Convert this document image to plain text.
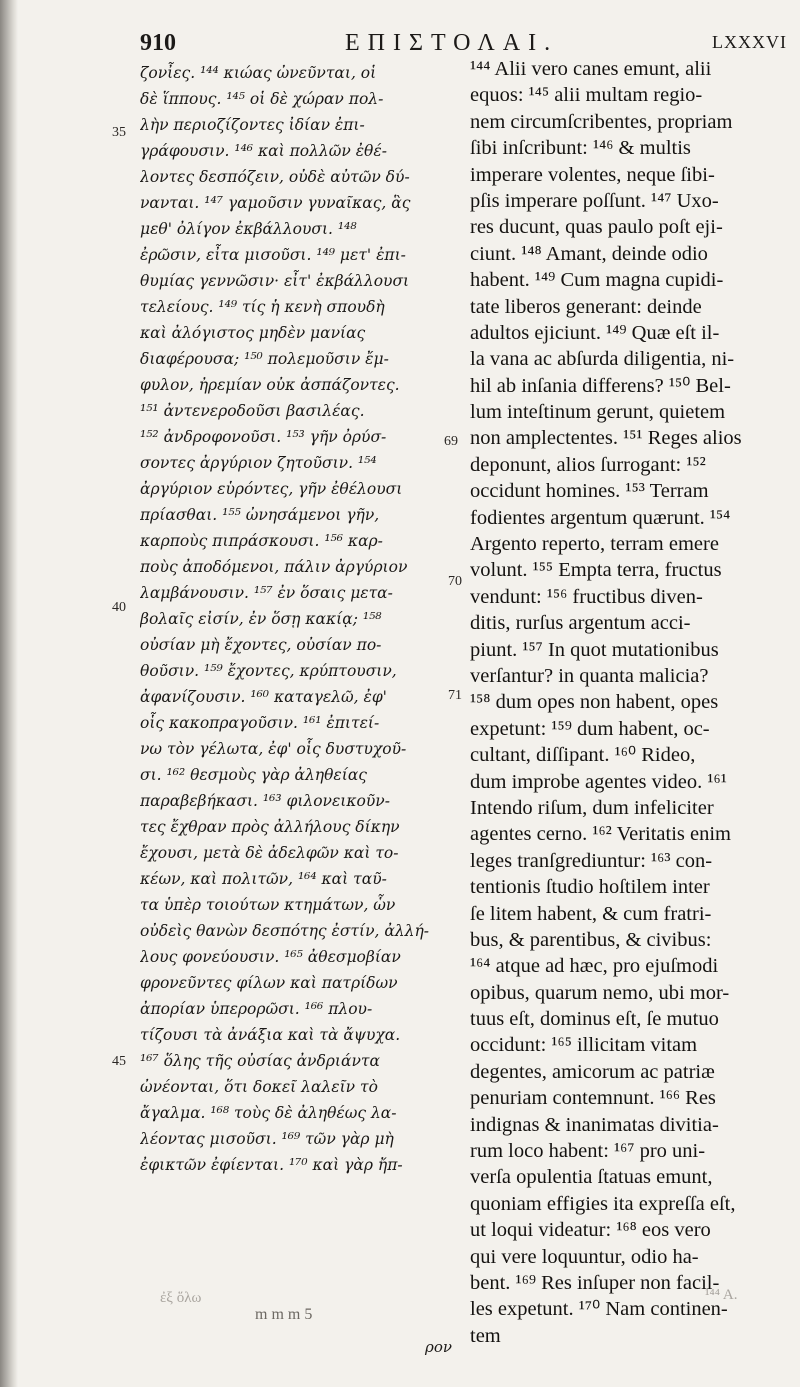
910	ΕΠΙΣΤΟΛΑΙ.	LXXXVI
35
40
45
69
70
71
ζονἶες. ¹⁴⁴ κιώας ὠνεῦνται, οἱ
δὲ ἵππους. ¹⁴⁵ οἱ δὲ χώραν πολ-
λὴν περιοζίζοντες ἰδίαν ἐπι-
γράφουσιν. ¹⁴⁶ καὶ πολλῶν ἐθέ-
λοντες δεσπόζειν, οὐδὲ αὐτῶν δύ-
νανται. ¹⁴⁷ γαμοῦσιν γυναῖκας, ἃς
μεθ' ὀλίγον ἐκβάλλουσι. ¹⁴⁸
ἐρῶσιν, εἶτα μισοῦσι. ¹⁴⁹ μετ' ἐπι-
θυμίας γεννῶσιν· εἶτ' ἐκβάλλουσι
τελείους. ¹⁴⁹ τίς ἡ κενὴ σπουδὴ
καὶ ἀλόγιστος μηδὲν μανίας
διαφέρουσα; ¹⁵⁰ πολεμοῦσιν ἔμ-
φυλον, ἠρεμίαν οὐκ ἀσπάζοντες.
¹⁵¹ ἀντενεροδοῦσι βασιλέας.
¹⁵² ἀνδροφονοῦσι. ¹⁵³ γῆν ὀρύσ-
σοντες ἀργύριον ζητοῦσιν. ¹⁵⁴
ἀργύριον εὑρόντες, γῆν ἐθέλουσι
πρίασθαι. ¹⁵⁵ ὠνησάμενοι γῆν,
καρποὺς πιπράσκουσι. ¹⁵⁶ καρ-
ποὺς ἀποδόμενοι, πάλιν ἀργύριον
λαμβάνουσιν. ¹⁵⁷ ἐν ὅσαις μετα-
βολαῖς εἰσίν, ἐν ὅσῃ κακίᾳ; ¹⁵⁸
οὐσίαν μὴ ἔχοντες, οὐσίαν πο-
θοῦσιν. ¹⁵⁹ ἔχοντες, κρύπτουσιν,
ἀφανίζουσιν. ¹⁶⁰ καταγελῶ, ἐφ'
οἷς κακοπραγοῦσιν. ¹⁶¹ ἐπιτεί-
νω τὸν γέλωτα, ἐφ' οἷς δυστυχοῦ-
σι. ¹⁶² θεσμοὺς γὰρ ἀληθείας
παραβεβήκασι. ¹⁶³ φιλονεικοῦν-
τες ἔχθραν πρὸς ἀλλήλους δίκην
ἔχουσι, μετὰ δὲ ἀδελφῶν καὶ το-
κέων, καὶ πολιτῶν, ¹⁶⁴ καὶ ταῦ-
τα ὑπὲρ τοιούτων κτημάτων, ὧν
οὐδεὶς θανὼν δεσπότης ἐστίν, ἀλλή-
λους φονεύουσιν. ¹⁶⁵ ἀθεσμοβίαν
φρονεῦντες φίλων καὶ πατρίδων
ἀπορίαν ὑπερορῶσι. ¹⁶⁶ πλου-
τίζουσι τὰ ἀνάξια καὶ τὰ ἄψυχα.
¹⁶⁷ ὅλης τῆς οὐσίας ἀνδριάντα
ὠνέονται, ὅτι δοκεῖ λαλεῖν τὸ
ἄγαλμα. ¹⁶⁸ τοὺς δὲ ἀληθέως λα-
λέοντας μισοῦσι. ¹⁶⁹ τῶν γὰρ μὴ
ἐφικτῶν ἐφίενται. ¹⁷⁰ καὶ γὰρ ἤπ-
¹⁴⁴ Alii vero canes emunt, alii
equos: ¹⁴⁵ alii multam regio-
nem circumſcribentes, propriam
ſibi inſcribunt: ¹⁴⁶ & multis
imperare volentes, neque ſibi-
pſis imperare poſſunt. ¹⁴⁷ Uxo-
res ducunt, quas paulo poſt eji-
ciunt. ¹⁴⁸ Amant, deinde odio
habent. ¹⁴⁹ Cum magna cupidi-
tate liberos generant: deinde
adultos ejiciunt. ¹⁴⁹ Quæ eſt il-
la vana ac abſurda diligentia, ni-
hil ab inſania differens? ¹⁵⁰ Bel-
lum inteſtinum gerunt, quietem
non amplectentes. ¹⁵¹ Reges alios
deponunt, alios ſurrogant: ¹⁵²
occidunt homines. ¹⁵³ Terram
fodientes argentum quærunt. ¹⁵⁴
Argento reperto, terram emere
volunt. ¹⁵⁵ Empta terra, fructus
vendunt: ¹⁵⁶ fructibus diven-
ditis, rurſus argentum acci-
piunt. ¹⁵⁷ In quot mutationibus
verſantur? in quanta malicia?
¹⁵⁸ dum opes non habent, opes
expetunt: ¹⁵⁹ dum habent, oc-
cultant, diſſipant. ¹⁶⁰ Rideo,
dum improbe agentes video. ¹⁶¹
Intendo riſum, dum infeliciter
agentes cerno. ¹⁶² Veritatis enim
leges tranſgrediuntur: ¹⁶³ con-
tentionis ſtudio hoſtilem inter
ſe litem habent, & cum fratri-
bus, & parentibus, & civibus:
¹⁶⁴ atque ad hæc, pro ejuſmodi
opibus, quarum nemo, ubi mor-
tuus eſt, dominus eſt, ſe mutuo
occidunt: ¹⁶⁵ illicitam vitam
degentes, amicorum ac patriæ
penuriam contemnunt. ¹⁶⁶ Res
indignas & inanimatas divitia-
rum loco habent: ¹⁶⁷ pro uni-
verſa opulentia ſtatuas emunt,
quoniam effigies ita expreſſa eſt,
ut loqui videatur: ¹⁶⁸ eos vero
qui vere loquuntur, odio ha-
bent. ¹⁶⁹ Res inſuper non facil-
les expetunt. ¹⁷⁰ Nam continen-
tem
ἐξ ὅλω	¹⁴⁴ A.
m m m 5
ρον
